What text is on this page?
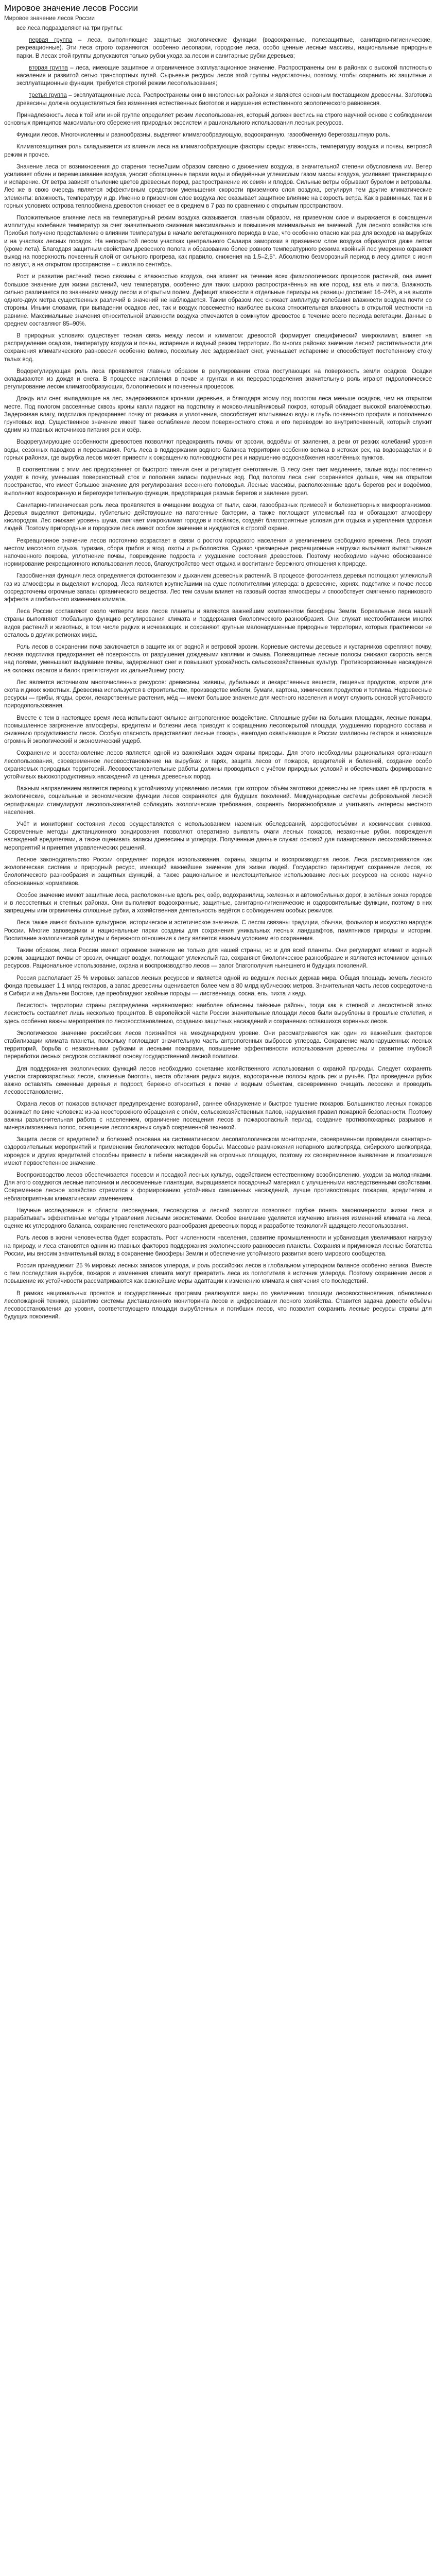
Мировое значение лесов России
Мировое значение лесов России

все леса подразделяют на три группы:

первая группа – леса, выполняющие защитные экологические функции (водоохранные, полезащитные, санитарно-гигиенические, рекреационные). Эти леса строго охраняются, особенно лесопарки, городские леса, особо ценные лесные массивы, национальные природные парки. В лесах этой группы допускаются только рубки ухода за лесом и санитарные рубки деревьев;

вторая группа – леса, имеющие защитное и ограниченное эксплуатационное значение. Распространены они в районах с высокой плотностью населения и развитой сетью транспортных путей. Сырьевые ресурсы лесов этой группы недостаточны, поэтому, чтобы сохранить их защитные и эксплуатационные функции, требуется строгий режим лесопользования;

третья группа – эксплуатационные леса. Распространены они в многолесных районах и являются основным поставщиком древесины. Заготовка древесины должна осуществляться без изменения естественных биотопов и нарушения естественного экологического равновесия.

Принадлежность леса к той или иной группе определяет режим лесопользования, который должен вестись на строго научной основе с соблюдением основных принципов максимального сбережения природных экосистем и рационального использования лесных ресурсов.

Функции лесов. Многочисленны и разнообразны, выделяют климатообразующую, водоохранную, газообменную берегозащитную роль.

Климатозащитная роль складывается из влияния леса на климатообразующие факторы среды: влажность, температуру воздуха и почвы, ветровой режим и прочее.

Значение леса от возникновения до старения теснейшим образом связано с движением воздуха, в значительной степени обусловлена им. Ветер усиливает обмен и перемешивание воздуха, уносит обогащенные парами воды и обеднённые углекислым газом массы воздуха, усиливает транспирацию и испарение. От ветра зависят опыление цветов древесных пород, распространение их семян и плодов. Сильные ветры обрывают бурелом и ветровалы. Лес же в свою очередь является эффективным средством уменьшения скорости приземного слоя воздуха, регулируя тем другие климатические элементы: влажность, температуру и др. Именно в приземном слое воздуха лес оказывает защитное влияние на скорость ветра. Как в равнинных, так и в горных условиях острова теплообмена древостоя снижает ее в среднем в 7 раз по сравнению с открытым пространством.

Положительное влияние леса на температурный режим воздуха сказывается, главным образом, на приземном слое и выражается в сокращении амплитуды колебания температур за счет значительного снижения максимальных и повышения минимальных ее значений. Для лесного хозяйства юга Приобья получено представление о влиянии температуры в начале вегетационного периода в мае, что особенно опасно как раз для всходов на вырубках и на участках лесных посадок. На непокрытой лесом участках центрального Салаира заморозки в приземном слое воздуха образуются даже летом (кроме лета). Благодаря защитным свойствам древесного полога и образованию более ровного температурного режима хвойный лес умеренно охраняет выход на поверхность почвенный слой от сильного прогрева, как правило, снижения на 1,5–2,5°. Абсолютно безморозный период в лесу длится с июня по август, а на открытом пространстве – с июля по сентябрь.

Рост и развитие растений тесно связаны с влажностью воздуха, она влияет на течение всех физиологических процессов растений, она имеет большое значение для жизни растений, чем температура, особенно для таких широко распространённых на юге пород, как ель и пихта. Влажность сильно различается по значениям между лесом и открытым полем. Дефицит влажности в отдельные периоды на разницы достигает 16–24%, а на высоте одного-двух метра существенных различий в значений не наблюдается. Таким образом лес снижает амплитуду колебания влажности воздуха почти со стороны. Иными словами, при выпадении осадков лес, так и воздух повсеместно наиболее высока относительная влажность в открытой местности на равнине. Максимальные значения относительной влажности воздуха отмечаются в сомкнутом древостое в течение всего периода вегетации. Данные в среднем составляют 85–90%.

В природных условиях существует тесная связь между лесом и климатом: древостой формирует специфический микроклимат, влияет на распределение осадков, температуру воздуха и почвы, испарение и водный режим территории. Во многих районах значение лесной растительности для сохранения климатического равновесия особенно велико, поскольку лес задерживает снег, уменьшает испарение и способствует постепенному стоку талых вод.

Водорегулирующая роль леса проявляется главным образом в регулировании стока поступающих на поверхность земли осадков. Осадки складываются из дождя и снега. В процессе накопления в почве и грунтах и их перераспределения значительную роль играют гидрологическое регулирование лесом климатообразующих, биологических и почвенных процессов.

Дождь или снег, выпадающие на лес, задерживаются кронами деревьев, и благодаря этому под пологом леса меньше осадков, чем на открытом месте. Под пологом рассеянные сквозь кроны капли падают на подстилку и мохово-лишайниковый покров, который обладает высокой влагоёмкостью. Задерживая влагу, подстилка предохраняет почву от размыва и уплотнения, способствует впитыванию воды в глубь почвенного профиля и пополнению грунтовых вод. Существенное значение имеет также ослабление лесом поверхностного стока и его переводом во внутрипочвенный, который служит одним из главных источников питания рек и озёр.

Водорегулирующие особенности древостоев позволяют предохранять почвы от эрозии, водоёмы от заиления, а реки от резких колебаний уровня воды, сезонных паводков и пересыхания. Роль леса в поддержании водного баланса территории особенно велика в истоках рек, на водоразделах и в горных районах, где вырубка лесов может привести к сокращению полноводности рек и нарушению водоснабжения населённых пунктов.

В соответствии с этим лес предохраняет от быстрого таяния снег и регулирует снеготаяние. В лесу снег тает медленнее, талые воды постепенно уходят в почву, уменьшая поверхностный сток и пополняя запасы подземных вод. Под пологом леса снег сохраняется дольше, чем на открытом пространстве, что имеет большое значение для регулирования весеннего половодья. Лесные массивы, расположенные вдоль берегов рек и водоёмов, выполняют водоохранную и берегоукрепительную функции, предотвращая размыв берегов и заиление русел.

Санитарно-гигиеническая роль леса проявляется в очищении воздуха от пыли, сажи, газообразных примесей и болезнетворных микроорганизмов. Деревья выделяют фитонциды, губительно действующие на патогенные бактерии, а также поглощают углекислый газ и обогащают атмосферу кислородом. Лес снижает уровень шума, смягчает микроклимат городов и посёлков, создаёт благоприятные условия для отдыха и укрепления здоровья людей. Поэтому пригородные и городские леса имеют особое значение и нуждаются в строгой охране.

Рекреационное значение лесов постоянно возрастает в связи с ростом городского населения и увеличением свободного времени. Леса служат местом массового отдыха, туризма, сбора грибов и ягод, охоты и рыболовства. Однако чрезмерные рекреационные нагрузки вызывают вытаптывание напочвенного покрова, уплотнение почвы, повреждение подроста и ухудшение состояния древостоев. Поэтому необходимо научно обоснованное нормирование рекреационного использования лесов, благоустройство мест отдыха и воспитание бережного отношения к природе.

Газообменная функция леса определяется фотосинтезом и дыханием древесных растений. В процессе фотосинтеза деревья поглощают углекислый газ из атмосферы и выделяют кислород. Леса являются крупнейшими на суше поглотителями углерода: в древесине, корнях, подстилке и почве лесов сосредоточены огромные запасы органического вещества. Лес тем самым влияет на газовый состав атмосферы и способствует смягчению парникового эффекта и глобального изменения климата.

Леса России составляют около четверти всех лесов планеты и являются важнейшим компонентом биосферы Земли. Бореальные леса нашей страны выполняют глобальную функцию регулирования климата и поддержания биологического разнообразия. Они служат местообитанием многих видов растений и животных, в том числе редких и исчезающих, и сохраняют крупные малонарушенные природные территории, которых практически не осталось в других регионах мира.

Роль лесов в сохранении почв заключается в защите их от водной и ветровой эрозии. Корневые системы деревьев и кустарников скрепляют почву, лесная подстилка предохраняет её поверхность от разрушения дождевыми каплями и смыва. Полезащитные лесные полосы снижают скорость ветра над полями, уменьшают выдувание почвы, задерживают снег и повышают урожайность сельскохозяйственных культур. Противоэрозионные насаждения на склонах оврагов и балок препятствуют их дальнейшему росту.

Лес является источником многочисленных ресурсов: древесины, живицы, дубильных и лекарственных веществ, пищевых продуктов, кормов для скота и диких животных. Древесина используется в строительстве, производстве мебели, бумаги, картона, химических продуктов и топлива. Недревесные ресурсы — грибы, ягоды, орехи, лекарственные растения, мёд — имеют большое значение для местного населения и могут служить основой устойчивого природопользования.

Вместе с тем в настоящее время леса испытывают сильное антропогенное воздействие. Сплошные рубки на больших площадях, лесные пожары, промышленное загрязнение атмосферы, вредители и болезни леса приводят к сокращению лесопокрытой площади, ухудшению породного состава и снижению продуктивности лесов. Особую опасность представляют лесные пожары, ежегодно охватывающие в России миллионы гектаров и наносящие огромный экологический и экономический ущерб.

Сохранение и восстановление лесов является одной из важнейших задач охраны природы. Для этого необходимы рациональная организация лесопользования, своевременное лесовосстановление на вырубках и гарях, защита лесов от пожаров, вредителей и болезней, создание особо охраняемых природных территорий. Лесовосстановительные работы должны проводиться с учётом природных условий и обеспечивать формирование устойчивых высокопродуктивных насаждений из ценных древесных пород.

Важным направлением является переход к устойчивому управлению лесами, при котором объём заготовки древесины не превышает её прироста, а экологические, социальные и экономические функции лесов сохраняются для будущих поколений. Международные системы добровольной лесной сертификации стимулируют лесопользователей соблюдать экологические требования, сохранять биоразнообразие и учитывать интересы местного населения.

Учёт и мониторинг состояния лесов осуществляется с использованием наземных обследований, аэрофотосъёмки и космических снимков. Современные методы дистанционного зондирования позволяют оперативно выявлять очаги лесных пожаров, незаконные рубки, повреждения насаждений вредителями, а также оценивать запасы древесины и углерода. Полученные данные служат основой для планирования лесохозяйственных мероприятий и принятия управленческих решений.

Лесное законодательство России определяет порядок использования, охраны, защиты и воспроизводства лесов. Леса рассматриваются как экологическая система и природный ресурс, имеющий важнейшее значение для жизни людей. Государство гарантирует сохранение лесов, их биологического разнообразия и защитных функций, а также рациональное и неистощительное использование лесных ресурсов на основе научно обоснованных нормативов.

Особое значение имеют защитные леса, расположенные вдоль рек, озёр, водохранилищ, железных и автомобильных дорог, в зелёных зонах городов и в лесостепных и степных районах. Они выполняют водоохранные, защитные, санитарно-гигиенические и оздоровительные функции, поэтому в них запрещены или ограничены сплошные рубки, а хозяйственная деятельность ведётся с соблюдением особых режимов.

Леса также имеют большое культурное, историческое и эстетическое значение. С лесом связаны традиции, обычаи, фольклор и искусство народов России. Многие заповедники и национальные парки созданы для сохранения уникальных лесных ландшафтов, памятников природы и истории. Воспитание экологической культуры и бережного отношения к лесу является важным условием его сохранения.

Таким образом, леса России имеют огромное значение не только для нашей страны, но и для всей планеты. Они регулируют климат и водный режим, защищают почвы от эрозии, очищают воздух, поглощают углекислый газ, сохраняют биологическое разнообразие и являются источником ценных ресурсов. Рациональное использование, охрана и воспроизводство лесов — залог благополучия нынешнего и будущих поколений.

Россия располагает 25 % мировых запасов лесных ресурсов и является одной из ведущих лесных держав мира. Общая площадь земель лесного фонда превышает 1,1 млрд гектаров, а запас древесины оценивается более чем в 80 млрд кубических метров. Значительная часть лесов сосредоточена в Сибири и на Дальнем Востоке, где преобладают хвойные породы — лиственница, сосна, ель, пихта и кедр.

Лесистость территории страны распределена неравномерно: наиболее облесены таёжные районы, тогда как в степной и лесостепной зонах лесистость составляет лишь несколько процентов. В европейской части России значительные площади лесов были вырублены в прошлые столетия, и здесь особенно важны мероприятия по лесовосстановлению, созданию защитных насаждений и сохранению оставшихся коренных лесов.

Экологическое значение российских лесов признаётся на международном уровне. Они рассматриваются как один из важнейших факторов стабилизации климата планеты, поскольку поглощают значительную часть антропогенных выбросов углерода. Сохранение малонарушенных лесных территорий, борьба с незаконными рубками и лесными пожарами, повышение эффективности использования древесины и развитие глубокой переработки лесных ресурсов составляют основу государственной лесной политики.

Для поддержания экологических функций лесов необходимо сочетание хозяйственного использования с охраной природы. Следует сохранять участки старовозрастных лесов, ключевые биотопы, места обитания редких видов, водоохранные полосы вдоль рек и ручьёв. При проведении рубок важно оставлять семенные деревья и подрост, бережно относиться к почве и водным объектам, своевременно очищать лесосеки и проводить лесовосстановление.

Охрана лесов от пожаров включает предупреждение возгораний, раннее обнаружение и быстрое тушение пожаров. Большинство лесных пожаров возникает по вине человека: из-за неосторожного обращения с огнём, сельскохозяйственных палов, нарушения правил пожарной безопасности. Поэтому важны разъяснительная работа с населением, ограничение посещения лесов в пожароопасный период, создание противопожарных разрывов и минерализованных полос, оснащение лесопожарных служб современной техникой.

Защита лесов от вредителей и болезней основана на систематическом лесопатологическом мониторинге, своевременном проведении санитарно-оздоровительных мероприятий и применении биологических методов борьбы. Массовые размножения непарного шелкопряда, сибирского шелкопряда, короедов и других вредителей способны привести к гибели насаждений на огромных площадях, поэтому их своевременное выявление и локализация имеют первостепенное значение.

Воспроизводство лесов обеспечивается посевом и посадкой лесных культур, содействием естественному возобновлению, уходом за молодняками. Для этого создаются лесные питомники и лесосеменные плантации, выращивается посадочный материал с улучшенными наследственными свойствами. Современное лесное хозяйство стремится к формированию устойчивых смешанных насаждений, лучше противостоящих пожарам, вредителям и неблагоприятным климатическим изменениям.

Научные исследования в области лесоведения, лесоводства и лесной экологии позволяют глубже понять закономерности жизни леса и разрабатывать эффективные методы управления лесными экосистемами. Особое внимание уделяется изучению влияния изменений климата на леса, оценке их углеродного баланса, сохранению генетического разнообразия древесных пород и разработке технологий щадящего лесопользования.

Роль лесов в жизни человечества будет возрастать. Рост численности населения, развитие промышленности и урбанизация увеличивают нагрузку на природу, и леса становятся одним из главных факторов поддержания экологического равновесия планеты. Сохраняя и приумножая лесные богатства России, мы вносим значительный вклад в сохранение биосферы Земли и обеспечение устойчивого развития всего мирового сообщества.

Россия принадлежит 25 % мировых лесных запасов углерода, и роль российских лесов в глобальном углеродном балансе особенно велика. Вместе с тем последствия вырубок, пожаров и изменения климата могут превратить леса из поглотителя в источник углерода. Поэтому сохранение лесов и повышение их устойчивости рассматриваются как важнейшие меры адаптации к изменению климата и смягчения его последствий.

В рамках национальных проектов и государственных программ реализуются меры по увеличению площади лесовосстановления, обновлению лесопожарной техники, развитию системы дистанционного мониторинга лесов и цифровизации лесного хозяйства. Ставится задача довести объёмы лесовосстановления до уровня, соответствующего площади вырубленных и погибших лесов, что позволит сохранить лесные ресурсы страны для будущих поколений.
